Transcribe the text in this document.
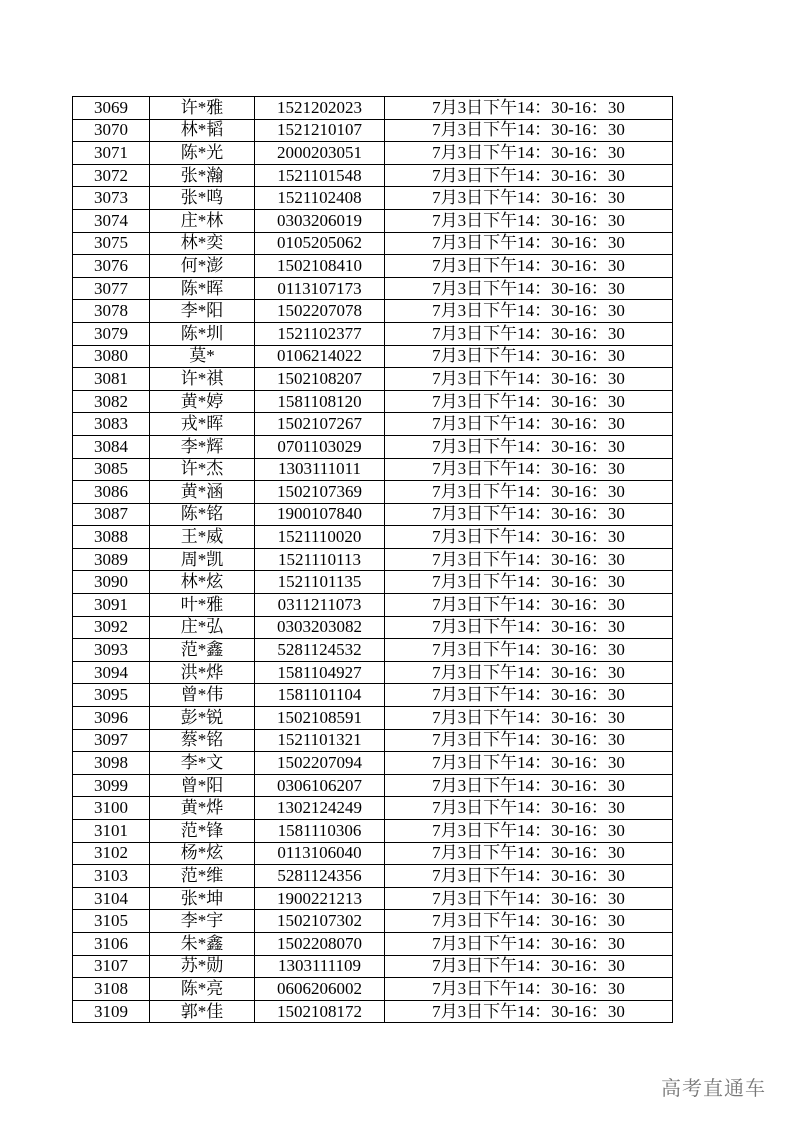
3069	许*雅	1521202023	7月3日下午14：30-16：30
3070	林*韬	1521210107	7月3日下午14：30-16：30
3071	陈*光	2000203051	7月3日下午14：30-16：30
3072	张*瀚	1521101548	7月3日下午14：30-16：30
3073	张*鸣	1521102408	7月3日下午14：30-16：30
3074	庄*林	0303206019	7月3日下午14：30-16：30
3075	林*奕	0105205062	7月3日下午14：30-16：30
3076	何*澎	1502108410	7月3日下午14：30-16：30
3077	陈*晖	0113107173	7月3日下午14：30-16：30
3078	李*阳	1502207078	7月3日下午14：30-16：30
3079	陈*圳	1521102377	7月3日下午14：30-16：30
3080	莫*	0106214022	7月3日下午14：30-16：30
3081	许*祺	1502108207	7月3日下午14：30-16：30
3082	黄*婷	1581108120	7月3日下午14：30-16：30
3083	戎*晖	1502107267	7月3日下午14：30-16：30
3084	李*辉	0701103029	7月3日下午14：30-16：30
3085	许*杰	1303111011	7月3日下午14：30-16：30
3086	黄*涵	1502107369	7月3日下午14：30-16：30
3087	陈*铭	1900107840	7月3日下午14：30-16：30
3088	王*威	1521110020	7月3日下午14：30-16：30
3089	周*凯	1521110113	7月3日下午14：30-16：30
3090	林*炫	1521101135	7月3日下午14：30-16：30
3091	叶*雅	0311211073	7月3日下午14：30-16：30
3092	庄*弘	0303203082	7月3日下午14：30-16：30
3093	范*鑫	5281124532	7月3日下午14：30-16：30
3094	洪*烨	1581104927	7月3日下午14：30-16：30
3095	曾*伟	1581101104	7月3日下午14：30-16：30
3096	彭*锐	1502108591	7月3日下午14：30-16：30
3097	蔡*铭	1521101321	7月3日下午14：30-16：30
3098	李*文	1502207094	7月3日下午14：30-16：30
3099	曾*阳	0306106207	7月3日下午14：30-16：30
3100	黄*烨	1302124249	7月3日下午14：30-16：30
3101	范*锋	1581110306	7月3日下午14：30-16：30
3102	杨*炫	0113106040	7月3日下午14：30-16：30
3103	范*维	5281124356	7月3日下午14：30-16：30
3104	张*坤	1900221213	7月3日下午14：30-16：30
3105	李*宇	1502107302	7月3日下午14：30-16：30
3106	朱*鑫	1502208070	7月3日下午14：30-16：30
3107	苏*勋	1303111109	7月3日下午14：30-16：30
3108	陈*亮	0606206002	7月3日下午14：30-16：30
3109	郭*佳	1502108172	7月3日下午14：30-16：30
高考直通车
